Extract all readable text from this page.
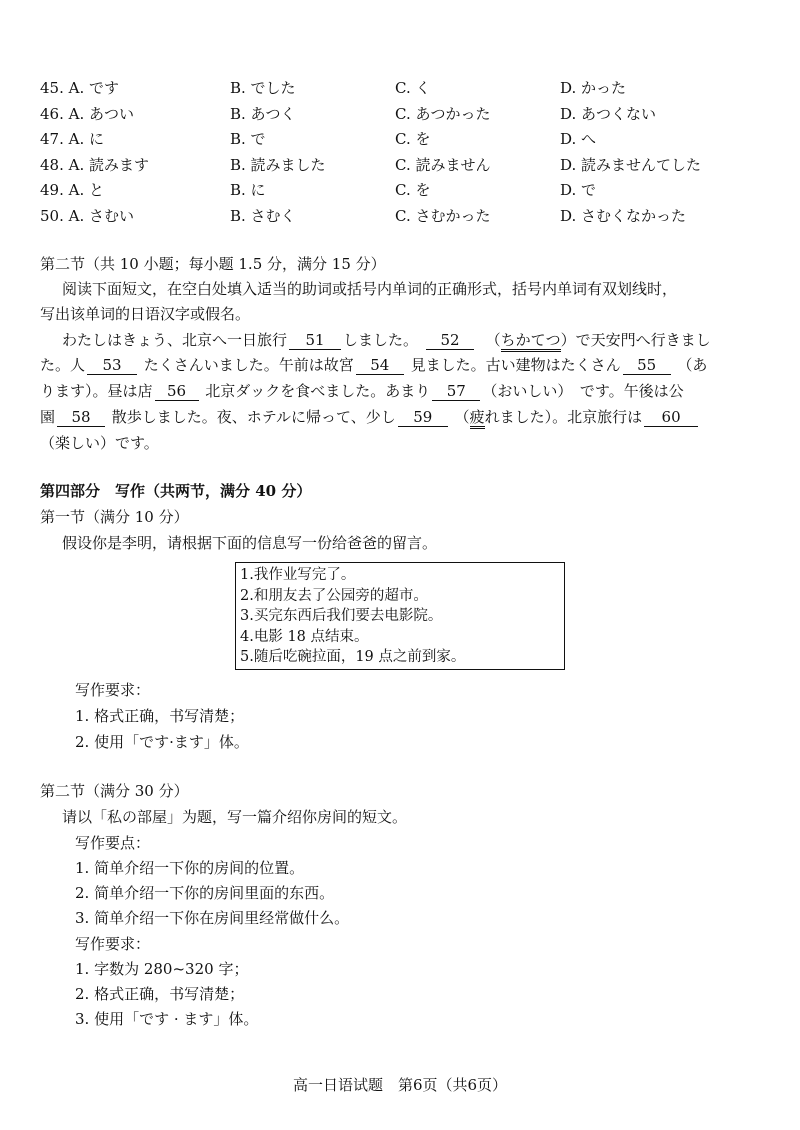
45. A. です	B. でした	C. く	D. かった
46. A. あつい	B. あつく	C. あつかった	D. あつくない
47. A. に	B. で	C. を	D. へ
48. A. 読みます	B. 読みました	C. 読みません	D. 読みませんてした
49. A. と	B. に	C. を	D. で
50. A. さむい	B. さむく	C. さむかった	D. さむくなかった
第二节（共 10 小题；每小题 1.5 分，满分 15 分）
阅读下面短文，在空白处填入适当的助词或括号内单词的正确形式，括号内单词有双划线时，
写出该单词的日语汉字或假名。
わたしはきょう、北京へ一日旅行 51 しました。 52 （ちかてつ）で天安門へ行きまし
た。人 53 たくさんいました。午前は故宮 54 見ました。古い建物はたくさん 55 （あ
ります）。昼は店 56 北京ダックを食べました。あまり 57 （おいしい）　です。午後は公
園 58 散歩しました。夜、ホテルに帰って、少し 59 （疲れました）。北京旅行は 60
（楽しい）です。
第四部分　写作（共两节，满分 40 分）
第一节（满分 10 分）
假设你是李明，请根据下面的信息写一份给爸爸的留言。
1.我作业写完了。
2.和朋友去了公园旁的超市。
3.买完东西后我们要去电影院。
4.电影 18 点结束。
5.随后吃碗拉面，19 点之前到家。
写作要求：
1. 格式正确，书写清楚；
2. 使用「です·ます」体。
第二节（满分 30 分）
请以「私の部屋」为题，写一篇介绍你房间的短文。
写作要点：
1. 简单介绍一下你的房间的位置。
2. 简单介绍一下你的房间里面的东西。
3. 简单介绍一下你在房间里经常做什么。
写作要求：
1. 字数为 280~320 字；
2. 格式正确，书写清楚；
3. 使用「です · ます」体。
高一日语试题　第6页（共6页）
